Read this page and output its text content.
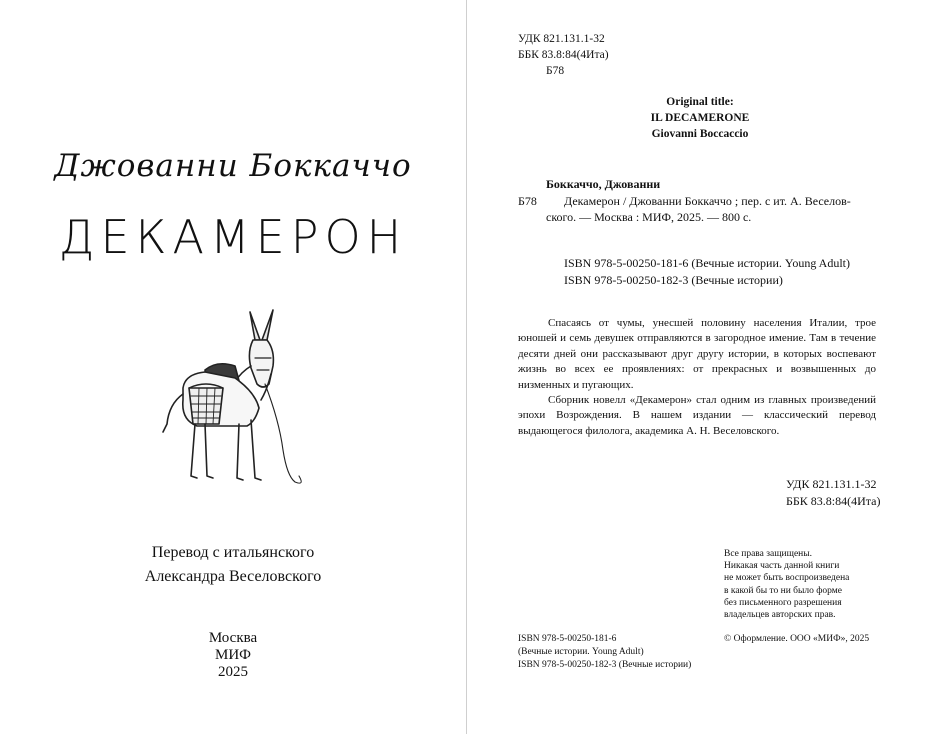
Джованни Боккаччо
ДЕКАМЕРОН
Перевод с итальянского
Александра Веселовского
Москва
МИФ
2025
УДК 821.131.1-32
ББК 83.8:84(4Ита)
Б78
Original title:
IL DECAMERONE
Giovanni Boccaccio
Боккаччо, Джованни
Б78 Декамерон / Джованни Боккаччо ; пер. с ит. А. Веселов-
ского. — Москва : МИФ, 2025. — 800 с.
ISBN 978-5-00250-181-6 (Вечные истории. Young Adult)
ISBN 978-5-00250-182-3 (Вечные истории)

Спасаясь от чумы, унесшей половину населения Италии, трое юношей и семь девушек отправляются в загородное имение. Там в течение десяти дней они рассказывают друг другу истории, в которых воспевают жизнь во всех ее проявлениях: от прекрасных и возвышенных до низменных и пугающих.

Сборник новелл «Декамерон» стал одним из главных произведений эпохи Возрождения. В нашем издании — классический перевод выдающегося филолога, академика А. Н. Веселовского.

УДК 821.131.1-32
ББК 83.8:84(4Ита)
Все права защищены.
Никакая часть данной книги
не может быть воспроизведена
в какой бы то ни было форме
без письменного разрешения
владельцев авторских прав.
ISBN 978-5-00250-181-6
(Вечные истории. Young Adult)
ISBN 978-5-00250-182-3 (Вечные истории)
© Оформление. ООО «МИФ», 2025
